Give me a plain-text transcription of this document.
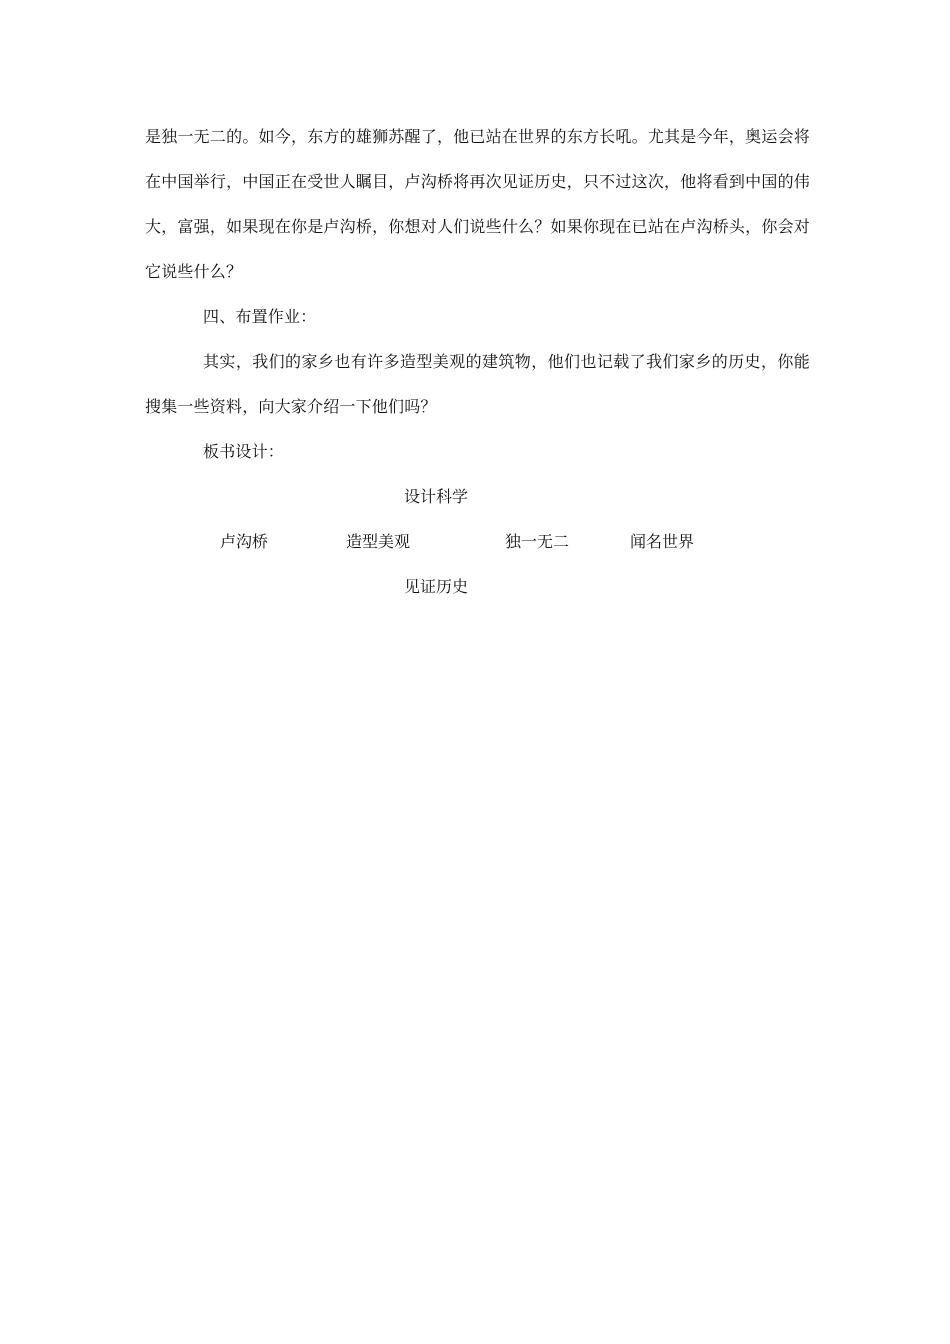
是独一无二的。如今，东方的雄狮苏醒了，他已站在世界的东方长吼。尤其是今年，奥运会将
在中国举行，中国正在受世人瞩目，卢沟桥将再次见证历史，只不过这次，他将看到中国的伟
大，富强，如果现在你是卢沟桥，你想对人们说些什么？如果你现在已站在卢沟桥头，你会对
它说些什么？
四、布置作业：
其实，我们的家乡也有许多造型美观的建筑物，他们也记载了我们家乡的历史，你能
搜集一些资料，向大家介绍一下他们吗？
板书设计：
设计科学
卢沟桥	造型美观	独一无二	闻名世界
见证历史
